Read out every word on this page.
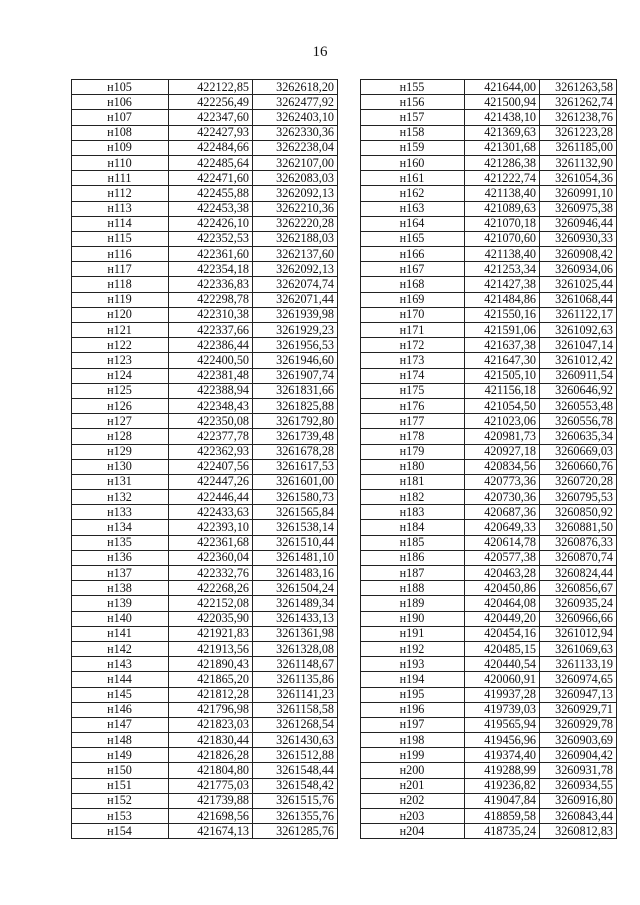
16
н105	422122,85	3262618,20
н106	422256,49	3262477,92
н107	422347,60	3262403,10
н108	422427,93	3262330,36
н109	422484,66	3262238,04
н110	422485,64	3262107,00
н111	422471,60	3262083,03
н112	422455,88	3262092,13
н113	422453,38	3262210,36
н114	422426,10	3262220,28
н115	422352,53	3262188,03
н116	422361,60	3262137,60
н117	422354,18	3262092,13
н118	422336,83	3262074,74
н119	422298,78	3262071,44
н120	422310,38	3261939,98
н121	422337,66	3261929,23
н122	422386,44	3261956,53
н123	422400,50	3261946,60
н124	422381,48	3261907,74
н125	422388,94	3261831,66
н126	422348,43	3261825,88
н127	422350,08	3261792,80
н128	422377,78	3261739,48
н129	422362,93	3261678,28
н130	422407,56	3261617,53
н131	422447,26	3261601,00
н132	422446,44	3261580,73
н133	422433,63	3261565,84
н134	422393,10	3261538,14
н135	422361,68	3261510,44
н136	422360,04	3261481,10
н137	422332,76	3261483,16
н138	422268,26	3261504,24
н139	422152,08	3261489,34
н140	422035,90	3261433,13
н141	421921,83	3261361,98
н142	421913,56	3261328,08
н143	421890,43	3261148,67
н144	421865,20	3261135,86
н145	421812,28	3261141,23
н146	421796,98	3261158,58
н147	421823,03	3261268,54
н148	421830,44	3261430,63
н149	421826,28	3261512,88
н150	421804,80	3261548,44
н151	421775,03	3261548,42
н152	421739,88	3261515,76
н153	421698,56	3261355,76
н154	421674,13	3261285,76
н155	421644,00	3261263,58
н156	421500,94	3261262,74
н157	421438,10	3261238,76
н158	421369,63	3261223,28
н159	421301,68	3261185,00
н160	421286,38	3261132,90
н161	421222,74	3261054,36
н162	421138,40	3260991,10
н163	421089,63	3260975,38
н164	421070,18	3260946,44
н165	421070,60	3260930,33
н166	421138,40	3260908,42
н167	421253,34	3260934,06
н168	421427,38	3261025,44
н169	421484,86	3261068,44
н170	421550,16	3261122,17
н171	421591,06	3261092,63
н172	421637,38	3261047,14
н173	421647,30	3261012,42
н174	421505,10	3260911,54
н175	421156,18	3260646,92
н176	421054,50	3260553,48
н177	421023,06	3260556,78
н178	420981,73	3260635,34
н179	420927,18	3260669,03
н180	420834,56	3260660,76
н181	420773,36	3260720,28
н182	420730,36	3260795,53
н183	420687,36	3260850,92
н184	420649,33	3260881,50
н185	420614,78	3260876,33
н186	420577,38	3260870,74
н187	420463,28	3260824,44
н188	420450,86	3260856,67
н189	420464,08	3260935,24
н190	420449,20	3260966,66
н191	420454,16	3261012,94
н192	420485,15	3261069,63
н193	420440,54	3261133,19
н194	420060,91	3260974,65
н195	419937,28	3260947,13
н196	419739,03	3260929,71
н197	419565,94	3260929,78
н198	419456,96	3260903,69
н199	419374,40	3260904,42
н200	419288,99	3260931,78
н201	419236,82	3260934,55
н202	419047,84	3260916,80
н203	418859,58	3260843,44
н204	418735,24	3260812,83
